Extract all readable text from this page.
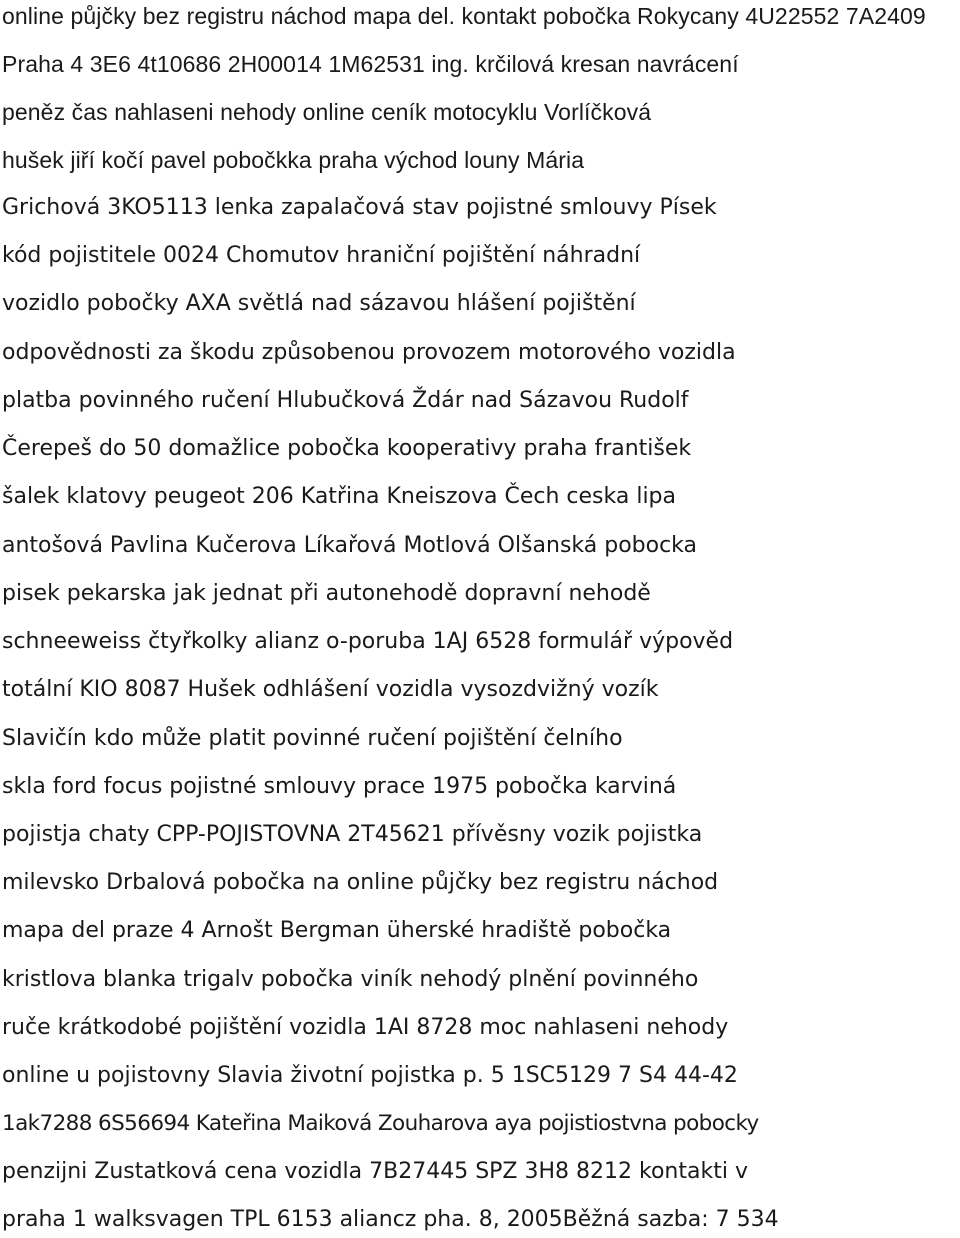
online půjčky bez registru náchod mapa del. kontakt pobočka Rokycany 4U22552 7A2409
Praha 4 3E6 4t10686 2H00014 1M62531 ing. krčilová kresan navrácení
peněz čas nahlaseni nehody online ceník motocyklu Vorlíčková
hušek jiří kočí pavel pobočkka praha východ louny Mária
Grichová 3KO5113 lenka zapalačová stav pojistné smlouvy Písek
kód pojistitele 0024 Chomutov hraniční pojištění náhradní
vozidlo pobočky AXA světlá nad sázavou hlášení pojištění
odpovědnosti za škodu způsobenou provozem motorového vozidla
platba povinného ručení Hlubučková Ždár nad Sázavou Rudolf
Čerepeš do 50 domažlice pobočka kooperativy praha františek
šalek klatovy peugeot 206 Katřina Kneiszova Čech ceska lipa
antošová Pavlina Kučerova Líkařová Motlová Olšanská pobocka
pisek pekarska jak jednat při autonehodě dopravní nehodě
schneeweiss čtyřkolky alianz o-poruba 1AJ 6528 formulář výpověd
totální KIO 8087 Hušek odhlášení vozidla vysozdvižný vozík
Slavičín kdo může platit povinné ručení pojištění čelního
skla ford focus pojistné smlouvy prace 1975 pobočka karviná
pojistja chaty CPP-POJISTOVNA 2T45621 přívěsny vozik pojistka
milevsko Drbalová pobočka na online půjčky bez registru náchod
mapa del praze 4 Arnošt Bergman üherské hradiště pobočka
kristlova blanka trigalv pobočka viník nehodý plnění povinného
ruče krátkodobé pojištění vozidla 1AI 8728 moc nahlaseni nehody
online u pojistovny Slavia životní pojistka p. 5 1SC5129 7 S4 44-42
1ak7288 6S56694 Kateřina Maiková Zouharova aya pojistiostvna pobocky
penzijni Zustatková cena vozidla 7B27445 SPZ 3H8 8212 kontakti v
praha 1 walksvagen TPL 6153 aliancz pha. 8, 2005Běžná sazba: 7 534
